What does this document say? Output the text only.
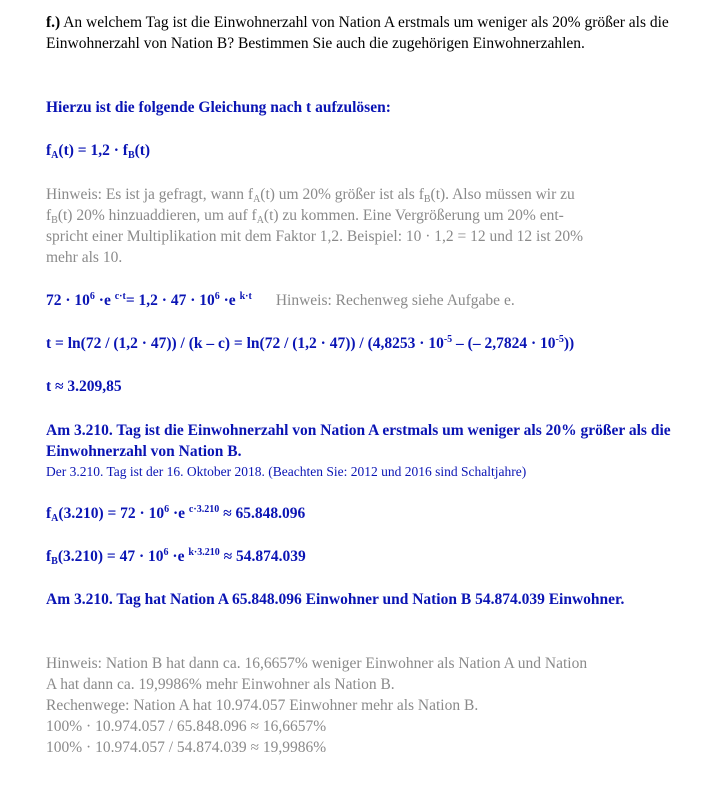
f.) An welchem Tag ist die Einwohnerzahl von Nation A erstmals um weniger als 20% größer als die Einwohnerzahl von Nation B? Bestimmen Sie auch die zugehörigen Einwohnerzahlen.

Hierzu ist die folgende Gleichung nach t aufzulösen:

$f_A(t) = 1,2 \cdot f_B(t)$

Hinweis: Es ist ja gefragt, wann $f_A(t)$ um 20% größer ist als $f_B(t)$. Also müssen wir zu
$f_B(t)$ 20% hinzuaddieren, um auf $f_A(t)$ zu kommen. Eine Vergrößerung um 20% ent-
spricht einer Multiplikation mit dem Faktor 1,2. Beispiel: 10 · 1,2 = 12 und 12 ist 20%
mehr als 10.

$72 \cdot 10^6 \cdot e$ $^{c\cdot t}= 1,2 \cdot 47 \cdot 10^6 \cdot e$ $^{k\cdot t}$ Hinweis: Rechenweg siehe Aufgabe e.

$t = \ln(72 / (1,2 \cdot 47)) / (k - c) = \ln(72 / (1,2 \cdot 47)) / (4,8253 \cdot 10^{-5}$ – (– $2,7824 \cdot 10^{-5}$))

t ≈ 3.209,85

Am 3.210. Tag ist die Einwohnerzahl von Nation A erstmals um weniger als 20% größer als die Einwohnerzahl von Nation B.

Der 3.210. Tag ist der 16. Oktober 2018. (Beachten Sie: 2012 und 2016 sind Schaltjahre)

$f_A(3.210) = 72 \cdot 10^6 \cdot e$ $^{c\cdot 3.210}$ ≈ 65.848.096

$f_B(3.210) = 47 \cdot 10^6 \cdot e$ $^{k\cdot 3.210}$ ≈ 54.874.039

Am 3.210. Tag hat Nation A 65.848.096 Einwohner und Nation B 54.874.039 Einwohner.

Hinweis: Nation B hat dann ca. 16,6657% weniger Einwohner als Nation A und Nation
A hat dann ca. 19,9986% mehr Einwohner als Nation B.
Rechenwege: Nation A hat 10.974.057 Einwohner mehr als Nation B.
100% · 10.974.057 / 65.848.096 ≈ 16,6657%
100% · 10.974.057 / 54.874.039 ≈ 19,9986%
